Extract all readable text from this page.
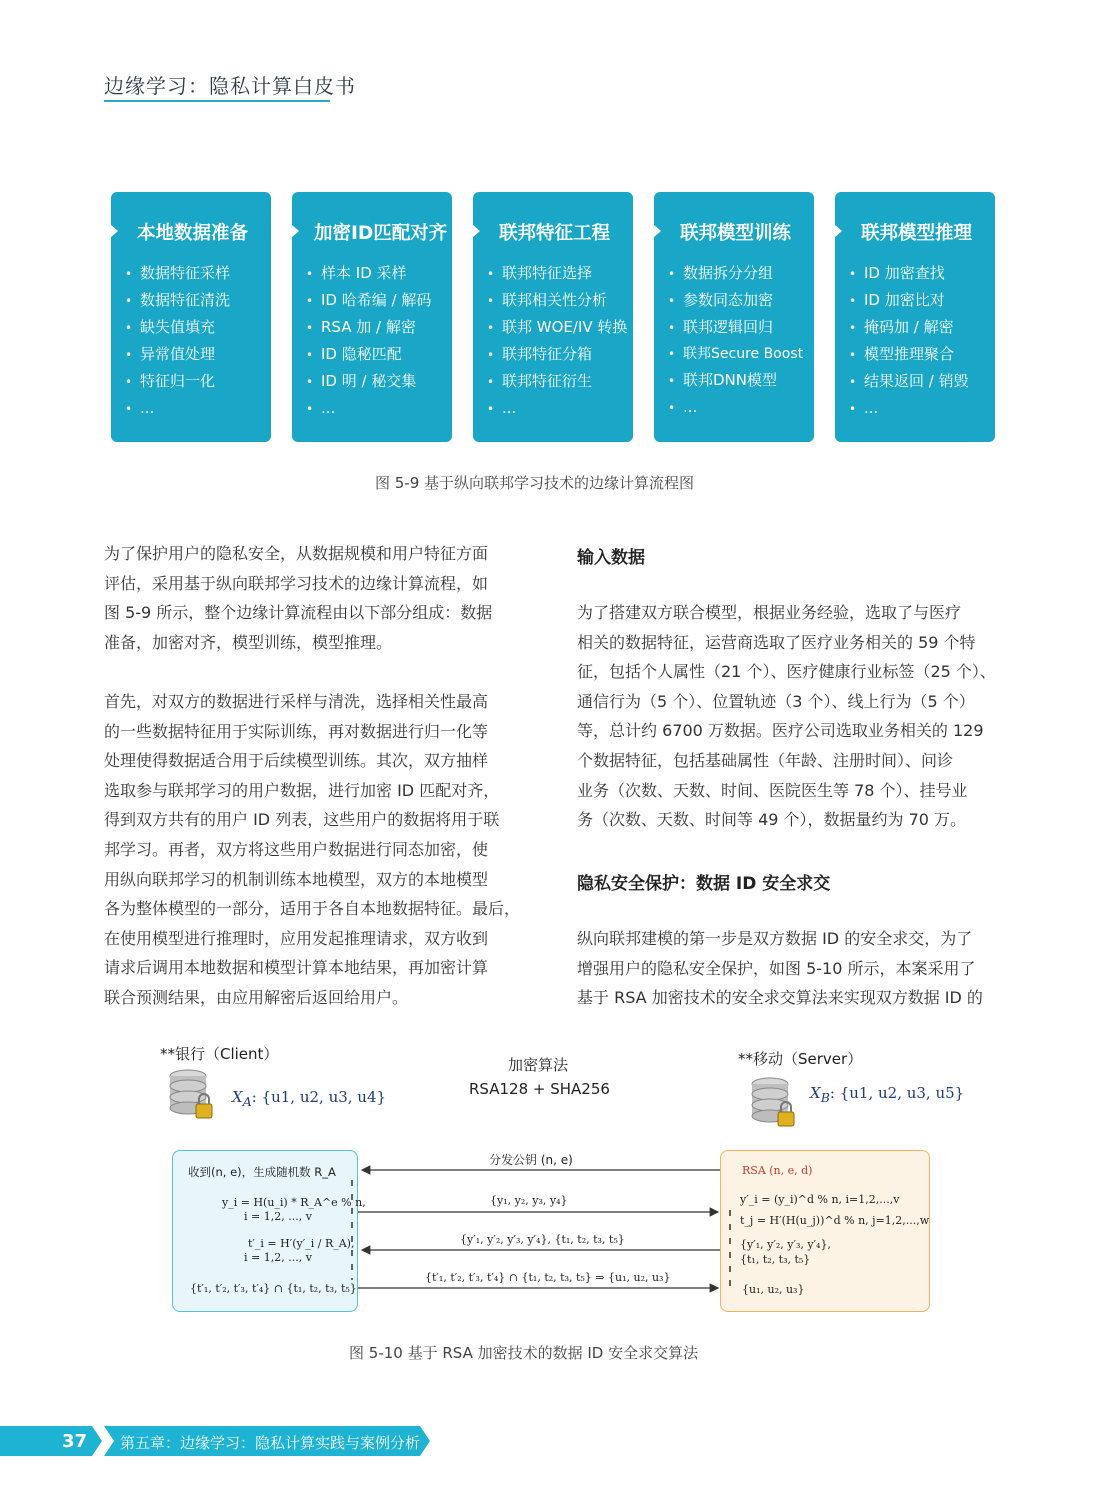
边缘学习：隐私计算白皮书
本地数据准备
• 数据特征采样
• 数据特征清洗
• 缺失值填充
• 异常值处理
• 特征归一化
• ...
加密ID匹配对齐
• 样本 ID 采样
• ID 哈希编 / 解码
• RSA 加 / 解密
• ID 隐秘匹配
• ID 明 / 秘交集
• ...
联邦特征工程
• 联邦特征选择
• 联邦相关性分析
• 联邦 WOE/IV 转换
• 联邦特征分箱
• 联邦特征衍生
• ...
联邦模型训练
• 数据拆分分组
• 参数同态加密
• 联邦逻辑回归
• 联邦Secure Boost
• 联邦DNN模型
• ...
联邦模型推理
• ID 加密查找
• ID 加密比对
• 掩码加 / 解密
• 模型推理聚合
• 结果返回 / 销毁
• ...
图 5-9 基于纵向联邦学习技术的边缘计算流程图

为了保护用户的隐私安全，从数据规模和用户特征方面

评估，采用基于纵向联邦学习技术的边缘计算流程，如

图 5-9 所示，整个边缘计算流程由以下部分组成：数据

准备，加密对齐，模型训练，模型推理。

首先，对双方的数据进行采样与清洗，选择相关性最高

的一些数据特征用于实际训练，再对数据进行归一化等

处理使得数据适合用于后续模型训练。其次，双方抽样

选取参与联邦学习的用户数据，进行加密 ID 匹配对齐，

得到双方共有的用户 ID 列表，这些用户的数据将用于联

邦学习。再者，双方将这些用户数据进行同态加密，使

用纵向联邦学习的机制训练本地模型，双方的本地模型

各为整体模型的一部分，适用于各自本地数据特征。最后，

在使用模型进行推理时，应用发起推理请求，双方收到

请求后调用本地数据和模型计算本地结果，再加密计算

联合预测结果，由应用解密后返回给用户。

输入数据

为了搭建双方联合模型，根据业务经验，选取了与医疗

相关的数据特征，运营商选取了医疗业务相关的 59 个特

征，包括个人属性（21 个）、医疗健康行业标签（25 个）、

通信行为（5 个）、位置轨迹（3 个）、线上行为（5 个）

等，总计约 6700 万数据。医疗公司选取业务相关的 129

个数据特征，包括基础属性（年龄、注册时间）、问诊

业务（次数、天数、时间、医院医生等 78 个）、挂号业

务（次数、天数、时间等 49 个），数据量约为 70 万。

隐私安全保护：数据 ID 安全求交

纵向联邦建模的第一步是双方数据 ID 的安全求交，为了

增强用户的隐私安全保护，如图 5-10 所示，本案采用了

基于 RSA 加密技术的安全求交算法来实现双方数据 ID 的

**银行（Client）	**移动（Server）
加密算法
RSA128 + SHA256
$X_A$: {u1, u2, u3, u4}	$X_B$: {u1, u2, u3, u5}
分发公钥 (n, e)
{y₁, y₂, y₃, y₄}
{y′₁, y′₂, y′₃, y′₄}, {t₁, t₂, t₃, t₅}
{t′₁, t′₂, t′₃, t′₄} ∩ {t₁, t₂, t₃, t₅} ⇒ {u₁, u₂, u₃}
收到(n, e)，生成随机数 R_A
y_i = H(u_i) * R_A^e % n,
i = 1,2, ..., v
t′_i = H′(y′_i / R_A),
i = 1,2, ..., v
{t′₁, t′₂, t′₃, t′₄} ∩ {t₁, t₂, t₃, t₅}
RSA (n, e, d)
y′_i = (y_i)^d % n, i=1,2,...,v
t_j = H′(H(u_j))^d % n, j=1,2,...,w
{y′₁, y′₂, y′₃, y′₄},
{t₁, t₂, t₃, t₅}
{u₁, u₂, u₃}
图 5-10 基于 RSA 加密技术的数据 ID 安全求交算法
37 第五章：边缘学习：隐私计算实践与案例分析
